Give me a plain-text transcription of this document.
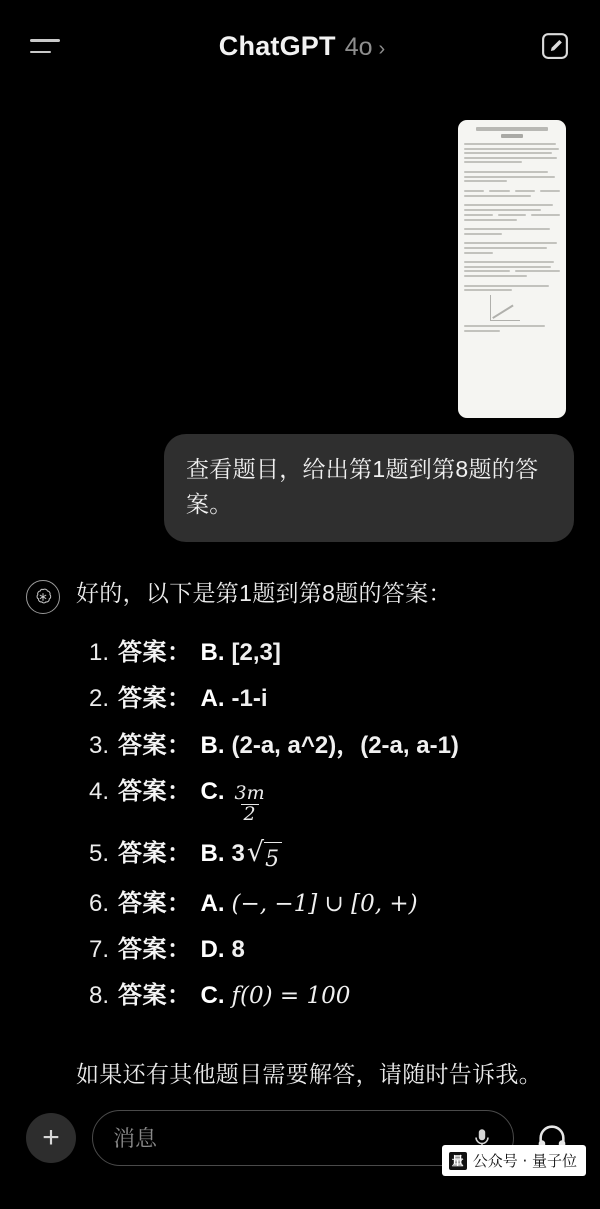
ChatGPT 4o ›
查看题目，给出第1题到第8题的答案。
好的，以下是第1题到第8题的答案：
1. 答案： B. [2,3]
2. 答案： A. -1-i
3. 答案： B. (2-a, a^2)，(2-a, a-1)
4. 答案： C. $\frac{3m}{2}$
5. 答案： B. 3 √ 5
6. 答案： A. (−, −1] ∪ [0, +)
7. 答案： D. 8
8. 答案： C. f(0) = 100
如果还有其他题目需要解答，请随时告诉我。
+	消息
量 公众号 · 量子位
